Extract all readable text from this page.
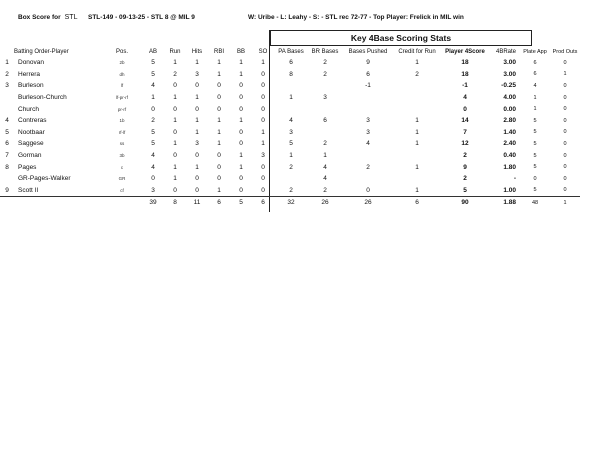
Box Score for STL STL-149 - 09-13-25 - STL 8 @ MIL 9	W: Uribe - L: Leahy - S: - STL rec 72-77 - Top Player: Frelick in MIL win
Key 4Base Scoring Stats
Batting Order-Player		Pos.	AB	Run	Hits	RBI	BB	SO	PA Bases	BR Bases	Bases Pushed	Credit for Run	Player 4Score	4BRate	Plate App	Prod Outs
1	Donovan	2b	5	1	1	1	1	1	6	2	9	1	18	3.00	6	0
2	Herrera	dh	5	2	3	1	1	0	8	2	6	2	18	3.00	6	1
3	Burleson	lf	4	0	0	0	0	0			-1		-1	-0.25	4	0
	Burleson-Church	lf-pr-rf	1	1	1	0	0	0	1	3			4	4.00	1	0
	Church	pr-rf	0	0	0	0	0	0					0	0.00	1	0
4	Contreras	1b	2	1	1	1	1	0	4	6	3	1	14	2.80	5	0
5	Nootbaar	rf-lf	5	0	1	1	0	1	3		3	1	7	1.40	5	0
6	Saggese	ss	5	1	3	1	0	1	5	2	4	1	12	2.40	5	0
7	Gorman	3b	4	0	0	0	1	3	1	1			2	0.40	5	0
8	Pages	c	4	1	1	0	1	0	2	4	2	1	9	1.80	5	0
	GR-Pages-Walker	GR	0	1	0	0	0	0		4			2	-	0	0
9	Scott II	cf	3	0	0	1	0	0	2	2	0	1	5	1.00	5	0
			39	8	11	6	5	6	32	26	26	6	90	1.88	48	1
